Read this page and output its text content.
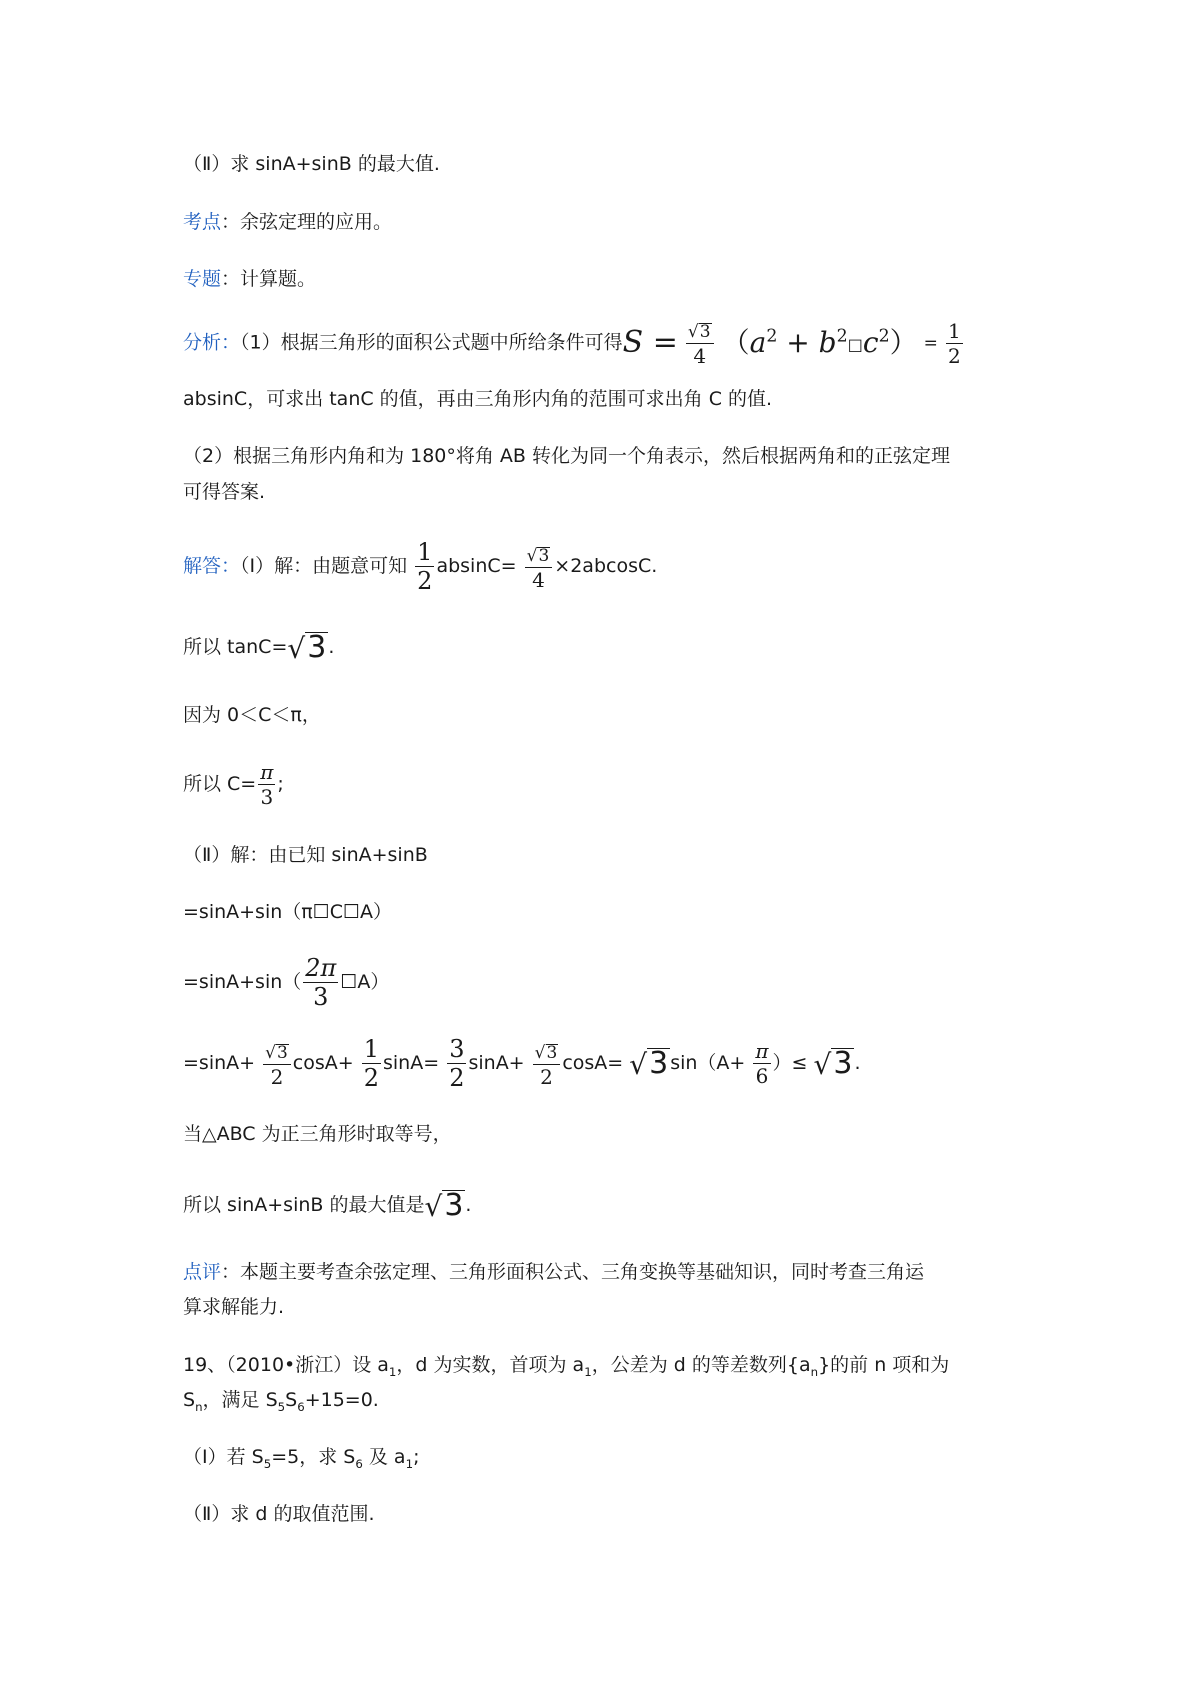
（Ⅱ）求 sinA+sinB 的最大值.
考点：余弦定理的应用。
专题：计算题。
分析：（1）根据三角形的面积公式题中所给条件可得$S = \frac{√ 3}{4} (a^2$ + $b^2☐c^2) = \frac{1}{2}$
absinC，可求出 tanC 的值，再由三角形内角的范围可求出角 C 的值.
（2）根据三角形内角和为 180°将角 AB 转化为同一个角表示，然后根据两角和的正弦定理
可得答案.
解答：（Ⅰ）解：由题意可知 $\frac{1}{2} absinC= \frac{√ 3}{4} \times 2abcosC$.
所以 tanC= √ 3 .
因为 0＜C＜π，
所以 $C= \frac{\pi}{3}$ ;
（Ⅱ）解：由已知 sinA+sinB
=sinA+sin（π☐C☐A）
$=\sin A+\sin( \frac{2\pi}{3}$ ☐A）
$=\sin A+ \frac{√ 3}{2} \cos A+ \frac{1}{2} \sin A= \frac{3}{2} \sin A+ \frac{√ 3}{2} \cos A=$ √ 3 $\sin(A+ \frac{\pi}{6}$ ）≤ √ 3 .
当△ABC 为正三角形时取等号，
所以 sinA+sinB 的最大值是 √ 3 .
点评：本题主要考查余弦定理、三角形面积公式、三角变换等基础知识，同时考查三角运
算求解能力.
19、（2010•浙江）设 $a_1$，d 为实数，首项为 $a_1$，公差为 d 的等差数列$\{a_n\}$的前 n 项和为
$S_n$，满足 $S_5S_6+15=0$.
（Ⅰ）若 $S_5=5$，求 $S_6$ 及 $a_1$;
（Ⅱ）求 d 的取值范围.
